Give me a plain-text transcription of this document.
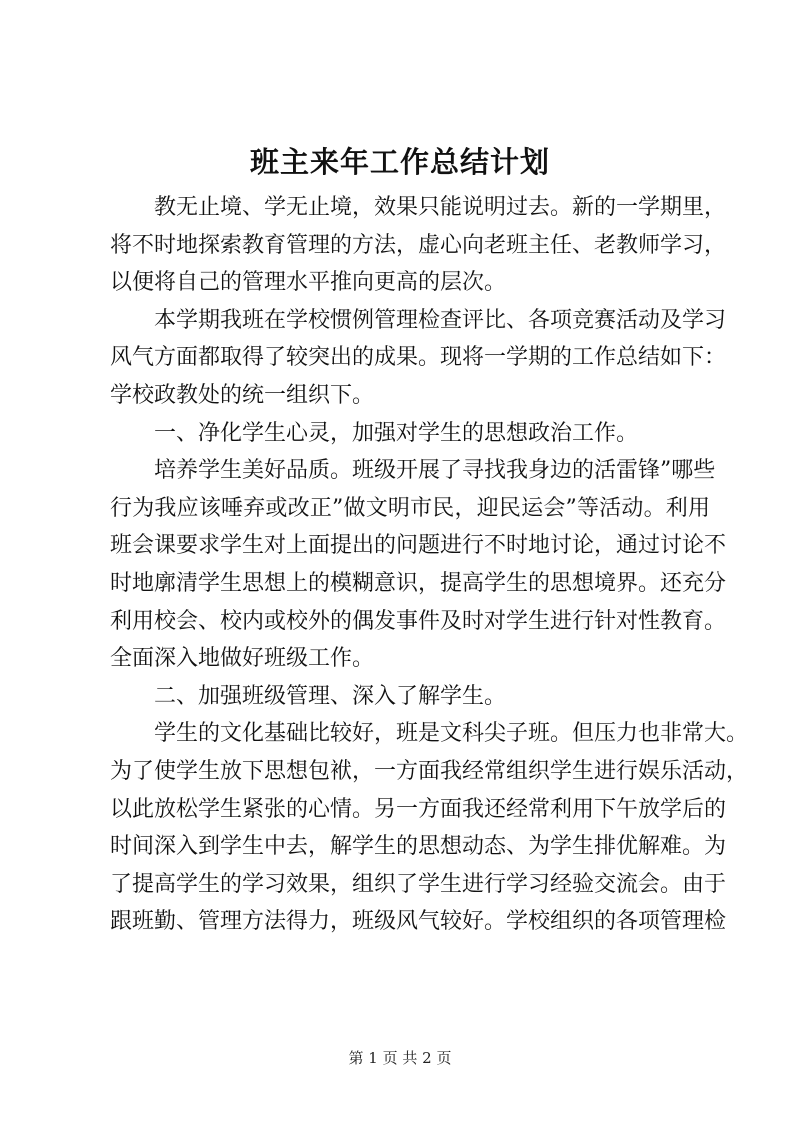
班主来年工作总结计划
教无止境、学无止境，效果只能说明过去。新的一学期里，
将不时地探索教育管理的方法，虚心向老班主任、老教师学习，
以便将自己的管理水平推向更高的层次。
本学期我班在学校惯例管理检查评比、各项竞赛活动及学习
风气方面都取得了较突出的成果。现将一学期的工作总结如下：
学校政教处的统一组织下。
一、净化学生心灵，加强对学生的思想政治工作。
培养学生美好品质。班级开展了寻找我身边的活雷锋”哪些
行为我应该唾弃或改正”做文明市民，迎民运会”等活动。利用
班会课要求学生对上面提出的问题进行不时地讨论，通过讨论不
时地廓清学生思想上的模糊意识，提高学生的思想境界。还充分
利用校会、校内或校外的偶发事件及时对学生进行针对性教育。
全面深入地做好班级工作。
二、加强班级管理、深入了解学生。
学生的文化基础比较好，班是文科尖子班。但压力也非常大。
为了使学生放下思想包袱，一方面我经常组织学生进行娱乐活动，
以此放松学生紧张的心情。另一方面我还经常利用下午放学后的
时间深入到学生中去，解学生的思想动态、为学生排优解难。为
了提高学生的学习效果，组织了学生进行学习经验交流会。由于
跟班勤、管理方法得力，班级风气较好。学校组织的各项管理检
第 1 页 共 2 页
